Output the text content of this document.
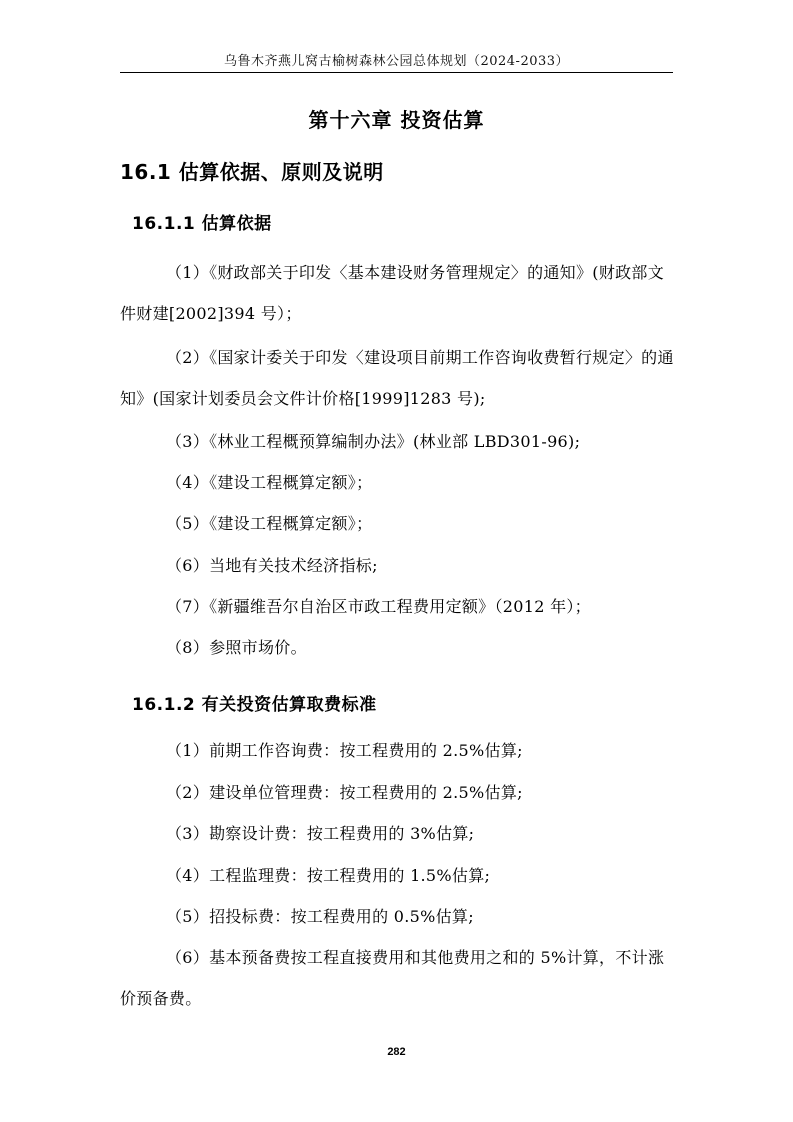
乌鲁木齐燕儿窝古榆树森林公园总体规划（2024-2033）
第十六章 投资估算
16.1 估算依据、原则及说明
16.1.1 估算依据
（1）《财政部关于印发〈基本建设财务管理规定〉的通知》(财政部文件财建[2002]394 号）；
（2）《国家计委关于印发〈建设项目前期工作咨询收费暂行规定〉的通知》(国家计划委员会文件计价格[1999]1283 号);
（3）《林业工程概预算编制办法》(林业部 LBD301-96);
（4）《建设工程概算定额》；
（5）《建设工程概算定额》；
（6）当地有关技术经济指标;
（7）《新疆维吾尔自治区市政工程费用定额》（2012 年）；
（8）参照市场价。
16.1.2 有关投资估算取费标准
（1）前期工作咨询费：按工程费用的 2.5%估算;
（2）建设单位管理费：按工程费用的 2.5%估算;
（3）勘察设计费：按工程费用的 3%估算;
（4）工程监理费：按工程费用的 1.5%估算;
（5）招投标费：按工程费用的 0.5%估算;
（6）基本预备费按工程直接费用和其他费用之和的 5%计算，不计涨价预备费。
282
